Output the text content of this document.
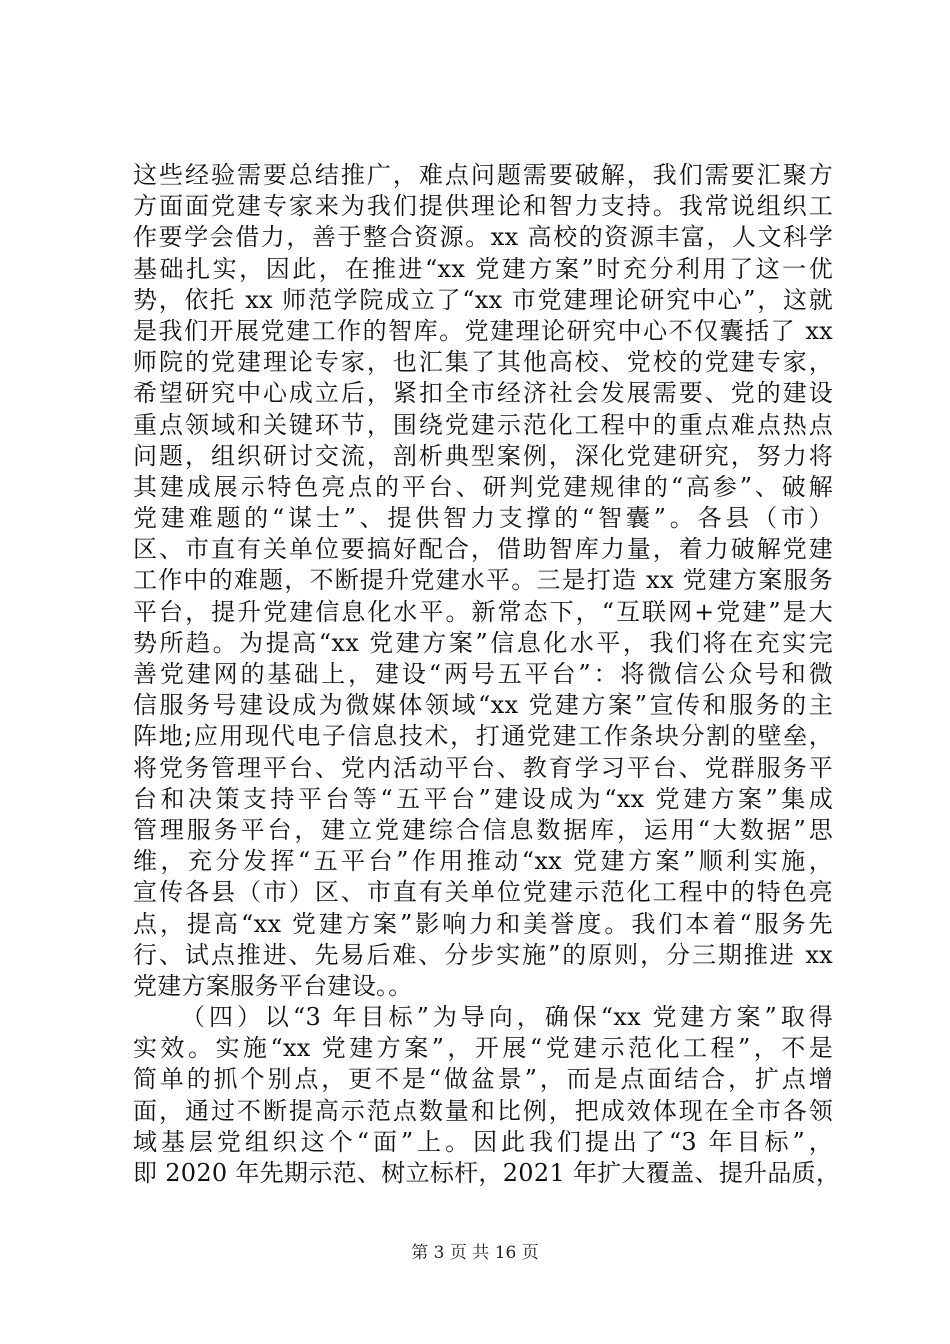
这些经验需要总结推广，难点问题需要破解，我们需要汇聚方
方面面党建专家来为我们提供理论和智力支持。我常说组织工
作要学会借力，善于整合资源。xx 高校的资源丰富，人文科学
基础扎实，因此，在推进“xx 党建方案”时充分利用了这一优
势，依托 xx 师范学院成立了“xx 市党建理论研究中心”，这就
是我们开展党建工作的智库。党建理论研究中心不仅囊括了 xx
师院的党建理论专家，也汇集了其他高校、党校的党建专家，
希望研究中心成立后，紧扣全市经济社会发展需要、党的建设
重点领域和关键环节，围绕党建示范化工程中的重点难点热点
问题，组织研讨交流，剖析典型案例，深化党建研究，努力将
其建成展示特色亮点的平台、研判党建规律的“高参”、破解
党建难题的“谋士”、提供智力支撑的“智囊”。各县（市）
区、市直有关单位要搞好配合，借助智库力量，着力破解党建
工作中的难题，不断提升党建水平。三是打造 xx 党建方案服务
平台，提升党建信息化水平。新常态下，“互联网+党建”是大
势所趋。为提高“xx 党建方案”信息化水平，我们将在充实完
善党建网的基础上，建设“两号五平台”：将微信公众号和微
信服务号建设成为微媒体领域“xx 党建方案”宣传和服务的主
阵地;应用现代电子信息技术，打通党建工作条块分割的壁垒，
将党务管理平台、党内活动平台、教育学习平台、党群服务平
台和决策支持平台等“五平台”建设成为“xx 党建方案”集成
管理服务平台，建立党建综合信息数据库，运用“大数据”思
维，充分发挥“五平台”作用推动“xx 党建方案”顺利实施，
宣传各县（市）区、市直有关单位党建示范化工程中的特色亮
点，提高“xx 党建方案”影响力和美誉度。我们本着“服务先
行、试点推进、先易后难、分步实施”的原则，分三期推进 xx
党建方案服务平台建设。。
（四）以“3 年目标”为导向，确保“xx 党建方案”取得
实效。实施“xx 党建方案”，开展“党建示范化工程”，不是
简单的抓个别点，更不是“做盆景”，而是点面结合，扩点增
面，通过不断提高示范点数量和比例，把成效体现在全市各领
域基层党组织这个“面”上。因此我们提出了“3 年目标”，
即 2020 年先期示范、树立标杆，2021 年扩大覆盖、提升品质，
第 3 页 共 16 页
